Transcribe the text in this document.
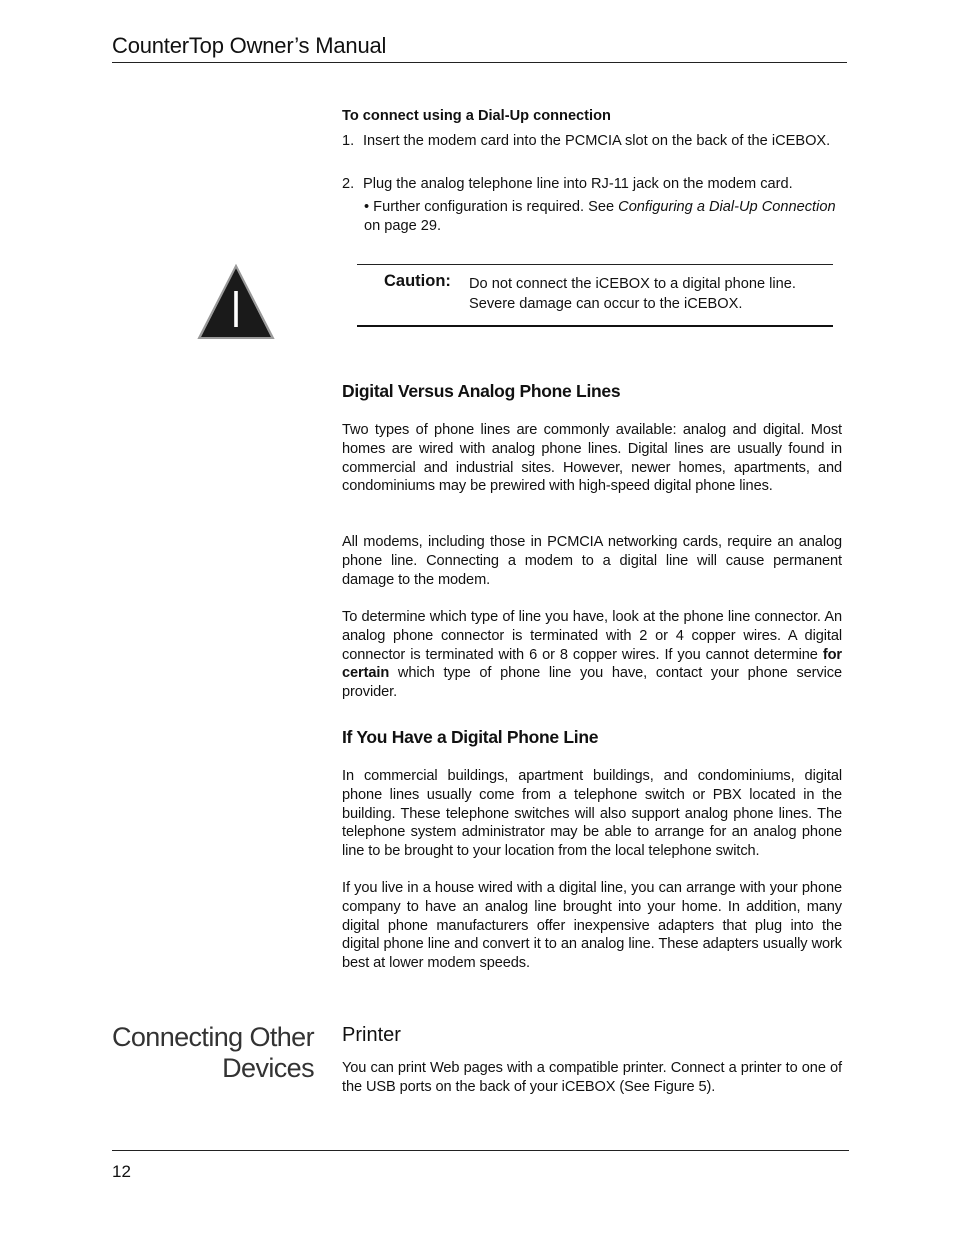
CounterTop Owner’s Manual
To connect using a Dial-Up connection
1. Insert the modem card into the PCMCIA slot on the back of the iCEBOX.
2. Plug the analog telephone line into RJ-11 jack on the modem card.
• Further configuration is required. See Configuring a Dial-Up Connection on page 29.
Caution: Do not connect the iCEBOX to a digital phone line. Severe damage can occur to the iCEBOX.
Digital Versus Analog Phone Lines

Two types of phone lines are commonly available: analog and digital. Most homes are wired with analog phone lines. Digital lines are usually found in commercial and industrial sites. However, newer homes, apartments, and condominiums may be prewired with high-speed digital phone lines.

All modems, including those in PCMCIA networking cards, require an analog phone line. Connecting a modem to a digital line will cause permanent damage to the modem.

To determine which type of line you have, look at the phone line connector. An analog phone connector is terminated with 2 or 4 copper wires. A digital connector is terminated with 6 or 8 copper wires. If you cannot determine for certain which type of phone line you have, contact your phone service provider.

If You Have a Digital Phone Line

In commercial buildings, apartment buildings, and condominiums, digital phone lines usually come from a telephone switch or PBX located in the building. These telephone switches will also support analog phone lines. The telephone system administrator may be able to arrange for an analog phone line to be brought to your location from the local telephone switch.

If you live in a house wired with a digital line, you can arrange with your phone company to have an analog line brought into your home. In addition, many digital phone manufacturers offer inexpensive adapters that plug into the digital phone line and convert it to an analog line. These adapters usually work best at lower modem speeds.

Connecting Other
Devices
Printer

You can print Web pages with a compatible printer. Connect a printer to one of the USB ports on the back of your iCEBOX (See Figure 5).

12
